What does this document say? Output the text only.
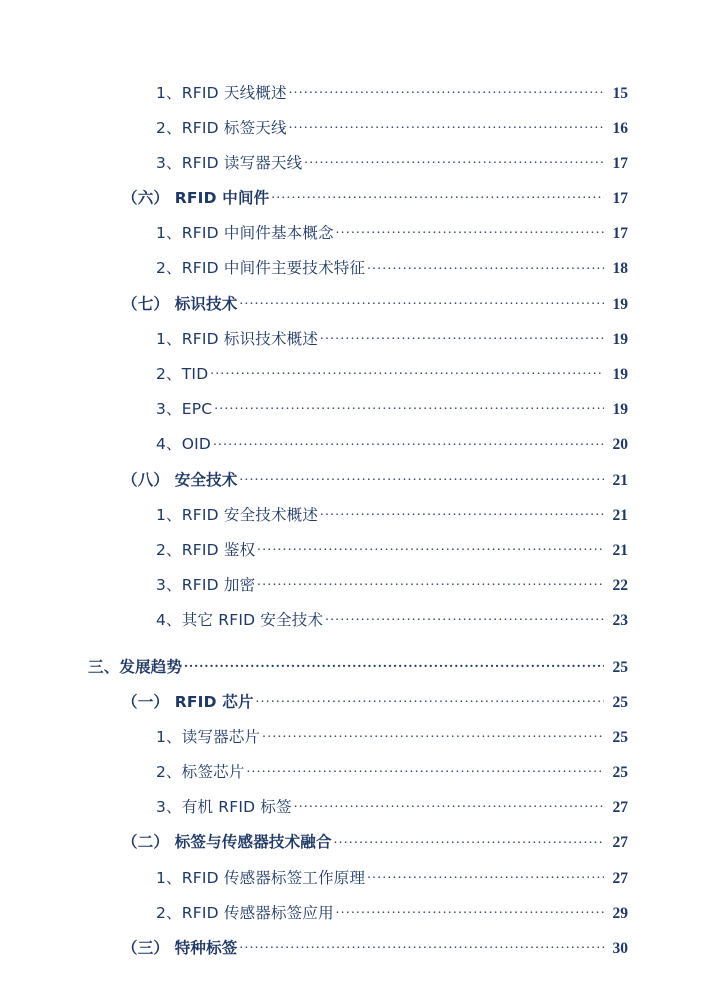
1、RFID 天线概述 .....	15
2、RFID 标签天线 .....	16
3、RFID 读写器天线 .....	17
（六） RFID 中间件 .....	17
1、RFID 中间件基本概念 .....	17
2、RFID 中间件主要技术特征 .....	18
（七） 标识技术 .....	19
1、RFID 标识技术概述 .....	19
2、TID .....	19
3、EPC .....	19
4、OID .....	20
（八） 安全技术 .....	21
1、RFID 安全技术概述 .....	21
2、RFID 鉴权 .....	21
3、RFID 加密 .....	22
4、其它 RFID 安全技术 .....	23
三、发展趋势 .....	25
（一） RFID 芯片 .....	25
1、读写器芯片 .....	25
2、标签芯片 .....	25
3、有机 RFID 标签 .....	27
（二） 标签与传感器技术融合 .....	27
1、RFID 传感器标签工作原理 .....	27
2、RFID 传感器标签应用 .....	29
（三） 特种标签 .....	30
